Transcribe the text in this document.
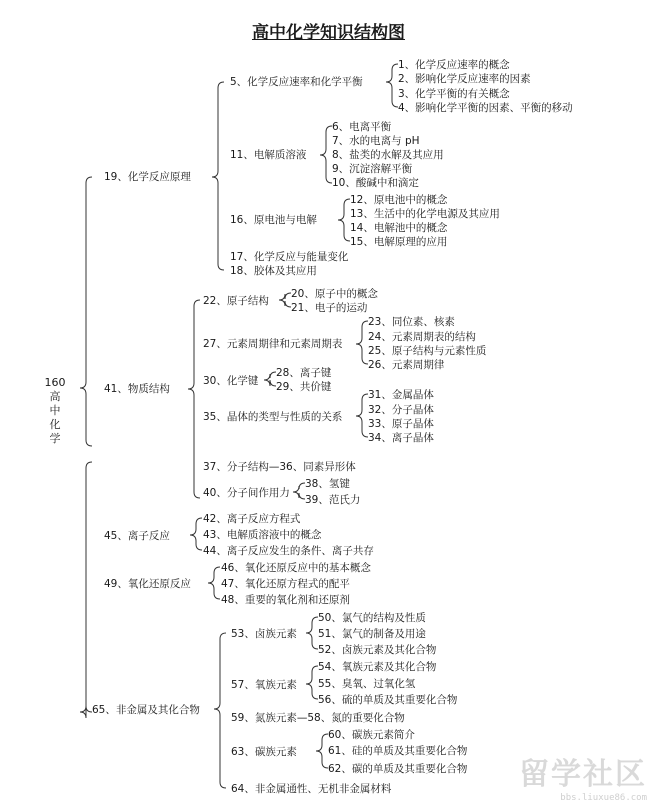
高中化学知识结构图
160
高
中
化
学
19、化学反应原理
5、化学反应速率和化学平衡
1、化学反应速率的概念
2、影响化学反应速率的因素
3、化学平衡的有关概念
4、影响化学平衡的因素、平衡的移动
11、电解质溶液
6、电离平衡
7、水的电离与 pH
8、盐类的水解及其应用
9、沉淀溶解平衡
10、酸碱中和滴定
16、原电池与电解
12、原电池中的概念
13、生活中的化学电源及其应用
14、电解池中的概念
15、电解原理的应用
17、化学反应与能量变化
18、胶体及其应用
41、物质结构
22、原子结构
20、原子中的概念
21、电子的运动
27、元素周期律和元素周期表
23、同位素、核素
24、元素周期表的结构
25、原子结构与元素性质
26、元素周期律
30、化学键
28、离子键
29、共价键
35、晶体的类型与性质的关系
31、金属晶体
32、分子晶体
33、原子晶体
34、离子晶体
37、分子结构—36、同素异形体
40、分子间作用力
38、氢键
39、范氏力
45、离子反应
42、离子反应方程式
43、电解质溶液中的概念
44、离子反应发生的条件、离子共存
49、氧化还原反应
46、氧化还原反应中的基本概念
47、氧化还原方程式的配平
48、重要的氧化剂和还原剂
65、非金属及其化合物
53、卤族元素
50、氯气的结构及性质
51、氯气的制备及用途
52、卤族元素及其化合物
57、氧族元素
54、氧族元素及其化合物
55、臭氧、过氧化氢
56、硫的单质及其重要化合物
59、氮族元素—58、氮的重要化合物
63、碳族元素
60、碳族元素简介
61、硅的单质及其重要化合物
62、碳的单质及其重要化合物
64、非金属通性、无机非金属材料	留学社区
bbs.liuxue86.com
